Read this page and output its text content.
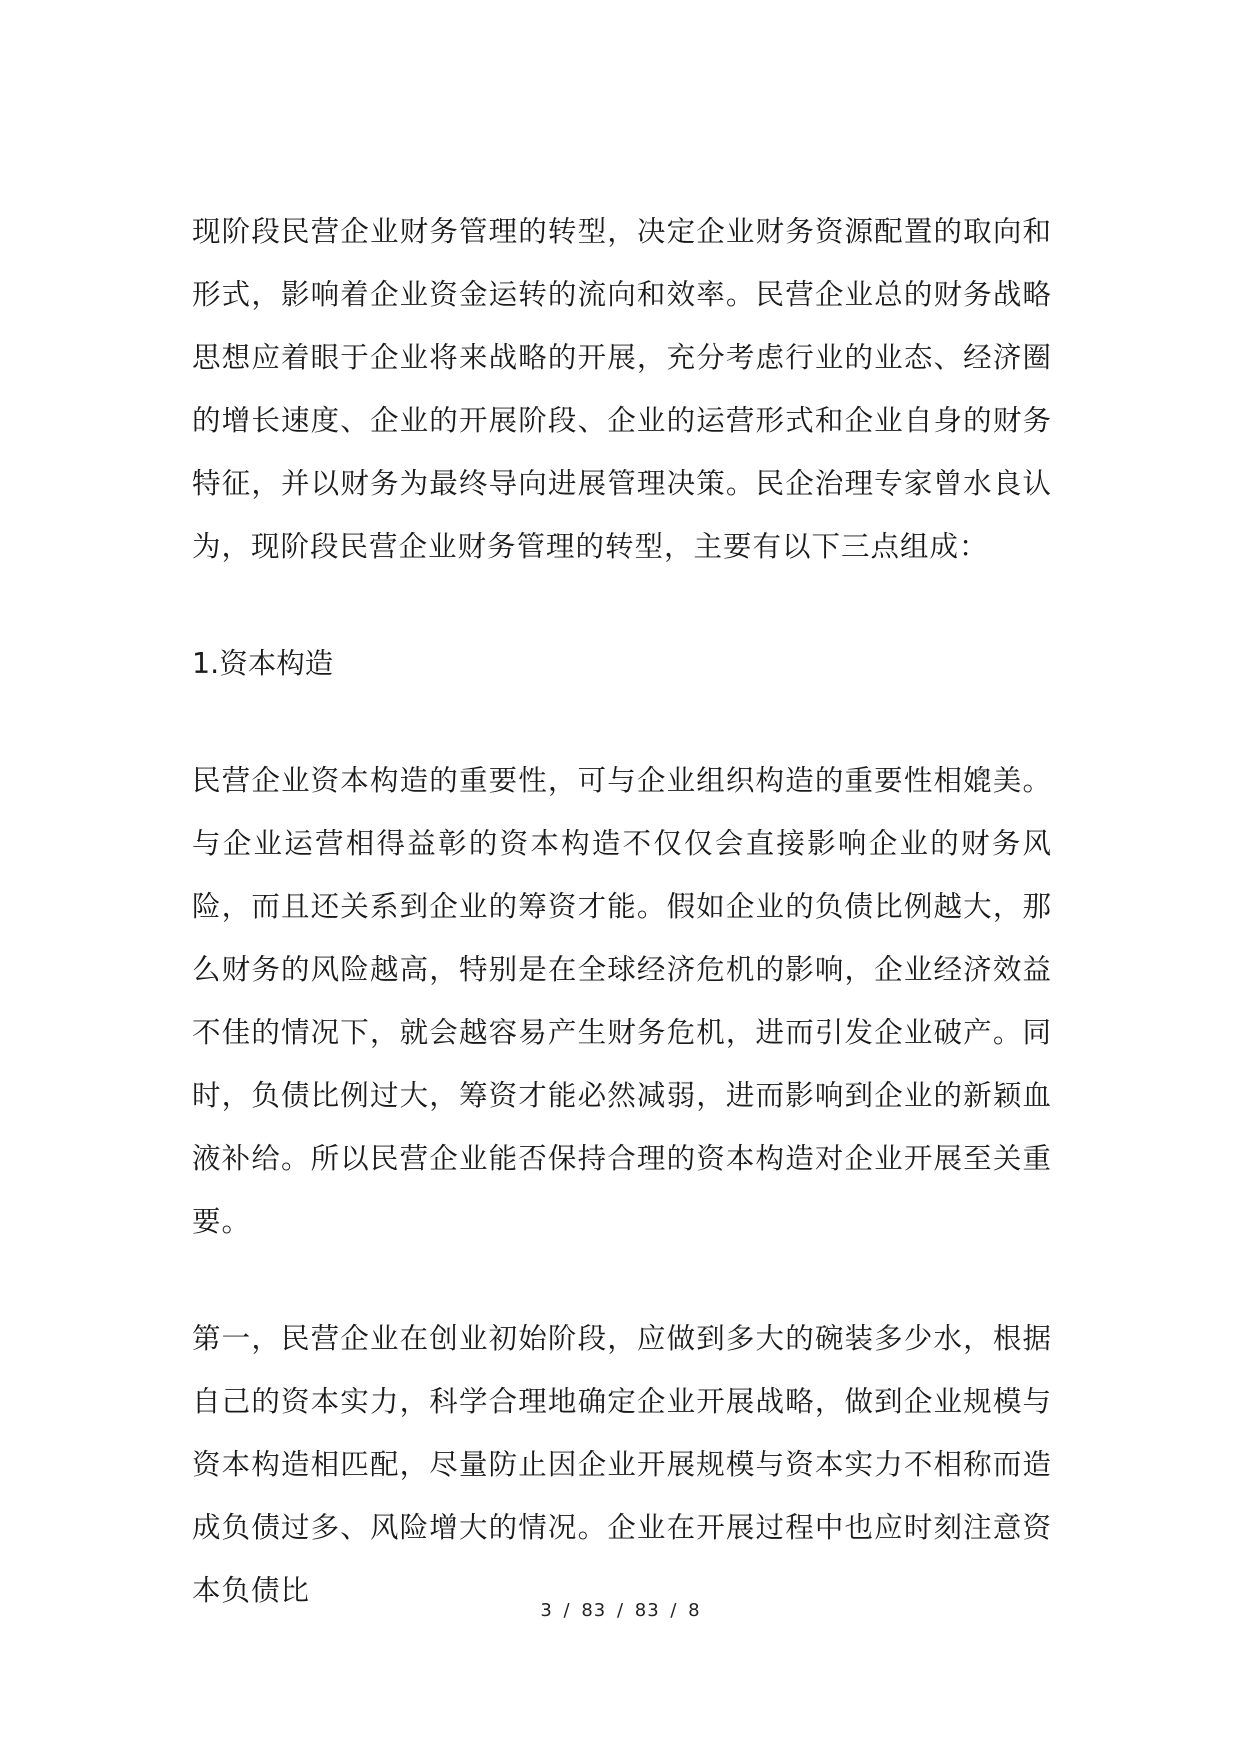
现阶段民营企业财务管理的转型，决定企业财务资源配置的取向和形式，影响着企业资金运转的流向和效率。民营企业总的财务战略思想应着眼于企业将来战略的开展，充分考虑行业的业态、经济圈的增长速度、企业的开展阶段、企业的运营形式和企业自身的财务特征，并以财务为最终导向进展管理决策。民企治理专家曾水良认为，现阶段民营企业财务管理的转型，主要有以下三点组成：

1.资本构造

民营企业资本构造的重要性，可与企业组织构造的重要性相媲美。与企业运营相得益彰的资本构造不仅仅会直接影响企业的财务风险，而且还关系到企业的筹资才能。假如企业的负债比例越大，那么财务的风险越高，特别是在全球经济危机的影响，企业经济效益不佳的情况下，就会越容易产生财务危机，进而引发企业破产。同时，负债比例过大，筹资才能必然减弱，进而影响到企业的新颖血液补给。所以民营企业能否保持合理的资本构造对企业开展至关重要。

第一，民营企业在创业初始阶段，应做到多大的碗装多少水，根据自己的资本实力，科学合理地确定企业开展战略，做到企业规模与资本构造相匹配，尽量防止因企业开展规模与资本实力不相称而造成负债过多、风险增大的情况。企业在开展过程中也应时刻注意资本负债比

3 / 83 / 83 / 8
